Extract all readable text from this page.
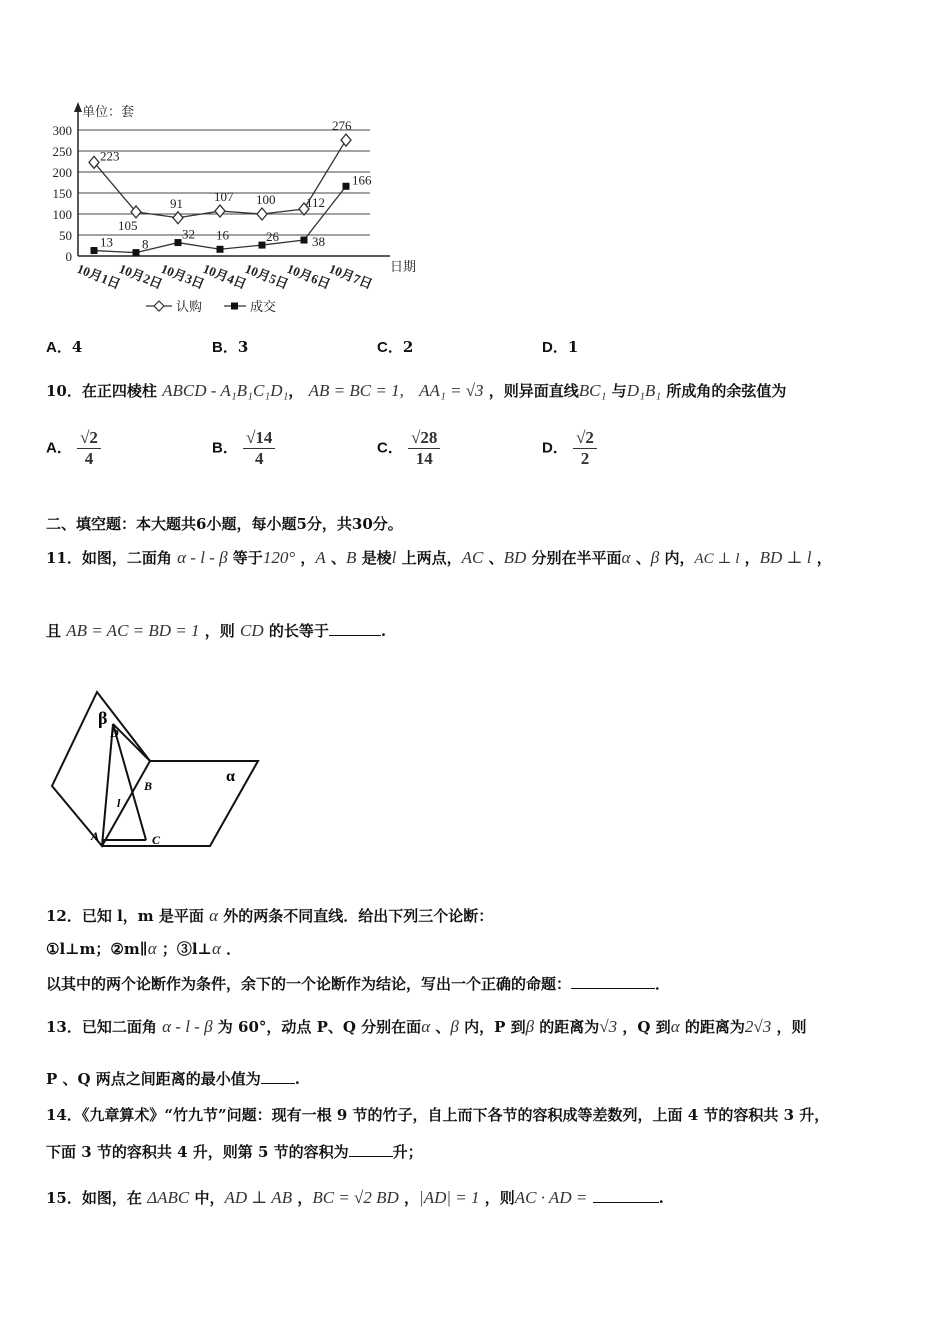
0
50
100
150
200
250
300
单位：套
日期
10月1日
10月2日
10月3日
10月4日
10月5日
10月6日
10月7日
223
105
91 107 100 112
276
13 8
32 16	26	38
166
认购	成交
A．4	B．3	C．2	D．1
10．在正四棱柱 ABCD - A₁B₁C₁D₁， AB = BC = 1, AA₁ = √3 ，则异面直线BC₁ 与D₁B₁ 所成角的余弦值为
A． $\frac{√2}{4}$	B． $\frac{√14}{4}$	C． $\frac{√28}{14}$	D． $\frac{√2}{2}$
二、填空题：本大题共6小题，每小题5分，共30分。
11．如图，二面角 α - l - β 等于120° ，A 、B 是棱l 上两点，AC 、BD 分别在半平面α 、β 内，AC ⊥ l ，BD ⊥ l ，
且 AB = AC = BD = 1 ，则 CD 的长等于	.
β
D
α
B
l
A	C
12．已知 l，m 是平面 α 外的两条不同直线．给出下列三个论断：
①l⊥m；②m∥α ；③l⊥α ．
以其中的两个论断作为条件，余下的一个论断作为结论，写出一个正确的命题：	．
13．已知二面角 α - l - β 为 60°，动点 P、Q 分别在面α 、β 内，P 到β 的距离为√3 ，Q 到α 的距离为2√3 ，则
P 、Q 两点之间距离的最小值为 .
14．《九章算术》“竹九节”问题：现有一根 9 节的竹子，自上而下各节的容积成等差数列，上面 4 节的容积共 3 升，
下面 3 节的容积共 4 升，则第 5 节的容积为	升；
15．如图，在 ΔABC 中，AD ⊥ AB ，BC = √2 BD ，|AD| = 1 ，则AC · AD =	.
